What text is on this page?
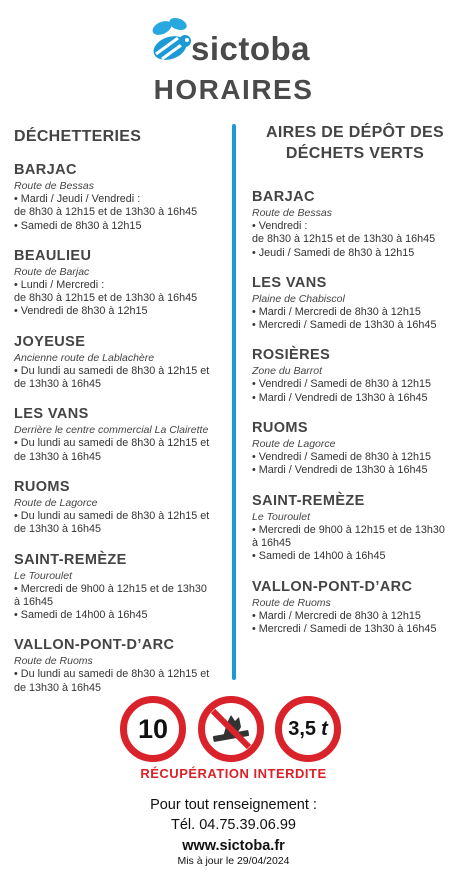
sictoba
HORAIRES
DÉCHETTERIES
BARJAC
Route de Bessas
• Mardi / Jeudi / Vendredi :
de 8h30 à 12h15 et de 13h30 à 16h45
• Samedi de 8h30 à 12h15
BEAULIEU
Route de Barjac
• Lundi / Mercredi :
de 8h30 à 12h15 et de 13h30 à 16h45
• Vendredi de 8h30 à 12h15
JOYEUSE
Ancienne route de Lablachère
• Du lundi au samedi de 8h30 à 12h15 et
de 13h30 à 16h45
LES VANS
Derrière le centre commercial La Clairette
• Du lundi au samedi de 8h30 à 12h15 et
de 13h30 à 16h45
RUOMS
Route de Lagorce
• Du lundi au samedi de 8h30 à 12h15 et
de 13h30 à 16h45
SAINT-REMÈZE
Le Touroulet
• Mercredi de 9h00 à 12h15 et de 13h30
à 16h45
• Samedi de 14h00 à 16h45
VALLON-PONT-D’ARC
Route de Ruoms
• Du lundi au samedi de 8h30 à 12h15 et
de 13h30 à 16h45
AIRES DE DÉPÔT DES
DÉCHETS VERTS
BARJAC
Route de Bessas
• Vendredi :
de 8h30 à 12h15 et de 13h30 à 16h45
• Jeudi / Samedi de 8h30 à 12h15
LES VANS
Plaine de Chabiscol
• Mardi / Mercredi de 8h30 à 12h15
• Mercredi / Samedi de 13h30 à 16h45
ROSIÈRES
Zone du Barrot
• Vendredi / Samedi de 8h30 à 12h15
• Mardi / Vendredi de 13h30 à 16h45
RUOMS
Route de Lagorce
• Vendredi / Samedi de 8h30 à 12h15
• Mardi / Vendredi de 13h30 à 16h45
SAINT-REMÈZE
Le Touroulet
• Mercredi de 9h00 à 12h15 et de 13h30
à 16h45
• Samedi de 14h00 à 16h45
VALLON-PONT-D’ARC
Route de Ruoms
• Mardi / Mercredi de 8h30 à 12h15
• Mercredi / Samedi de 13h30 à 16h45
10	3,5 t
RÉCUPÉRATION INTERDITE
Pour tout renseignement :
Tél. 04.75.39.06.99
www.sictoba.fr
Mis à jour le 29/04/2024
